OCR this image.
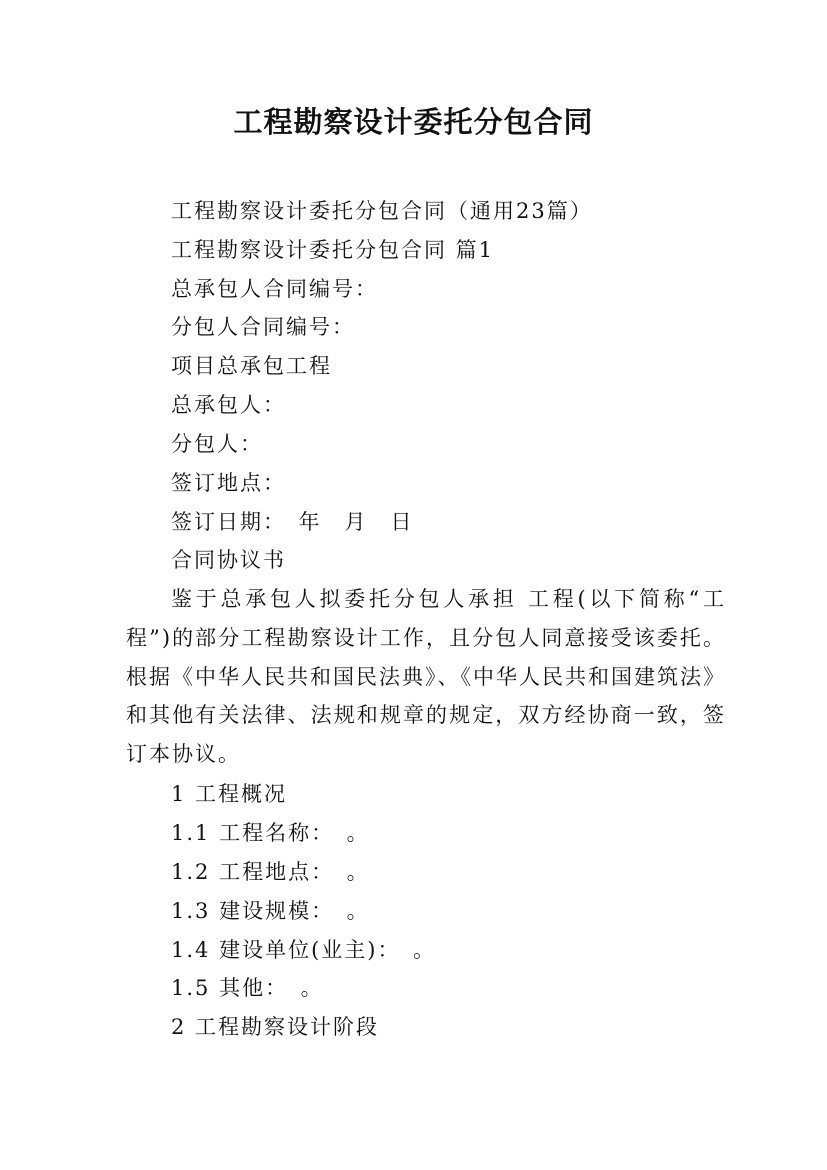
工程勘察设计委托分包合同

工程勘察设计委托分包合同（通用23篇）

工程勘察设计委托分包合同 篇1

总承包人合同编号：

分包人合同编号：

项目总承包工程

总承包人：

分包人：

签订地点：

签订日期：　年　月　日

合同协议书

鉴于总承包人拟委托分包人承担 工程(以下简称“工程”)的部分工程勘察设计工作，且分包人同意接受该委托。根据《中华人民共和国民法典》、《中华人民共和国建筑法》和其他有关法律、法规和规章的规定，双方经协商一致，签订本协议。

1 工程概况

1.1 工程名称：　。

1.2 工程地点：　。

1.3 建设规模：　。

1.4 建设单位(业主)：　。

1.5 其他：　。

2 工程勘察设计阶段
